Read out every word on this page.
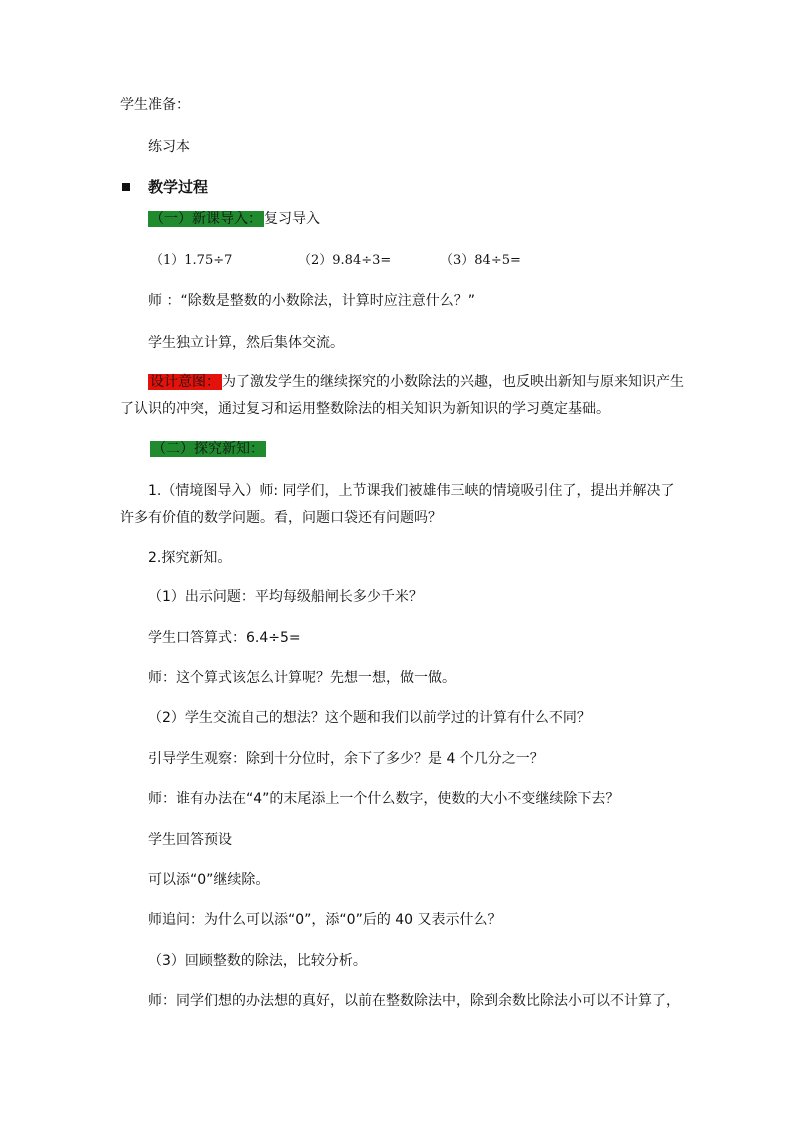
学生准备：
练习本
教学过程
（一）新课导入： 复习导入
（1）1.75÷7	（2）9.84÷3=	（3）84÷5=
师 ：“除数是整数的小数除法，计算时应注意什么？”
学生独立计算，然后集体交流。
设计意图： 为了激发学生的继续探究的小数除法的兴趣，也反映出新知与原来知识产生
了认识的冲突，通过复习和运用整数除法的相关知识为新知识的学习奠定基础。
（二）探究新知：
1.（情境图导入）师: 同学们，上节课我们被雄伟三峡的情境吸引住了，提出并解决了
许多有价值的数学问题。看，问题口袋还有问题吗？
2.探究新知。
（1）出示问题：平均每级船闸长多少千米？
学生口答算式：6.4÷5=
师：这个算式该怎么计算呢？先想一想，做一做。
（2）学生交流自己的想法？这个题和我们以前学过的计算有什么不同？
引导学生观察：除到十分位时，余下了多少？是 4 个几分之一？
师：谁有办法在“4”的末尾添上一个什么数字，使数的大小不变继续除下去？
学生回答预设
可以添“0”继续除。
师追问：为什么可以添“0”，添“0”后的 40 又表示什么？
（3）回顾整数的除法，比较分析。
师：同学们想的办法想的真好，以前在整数除法中，除到余数比除法小可以不计算了，
